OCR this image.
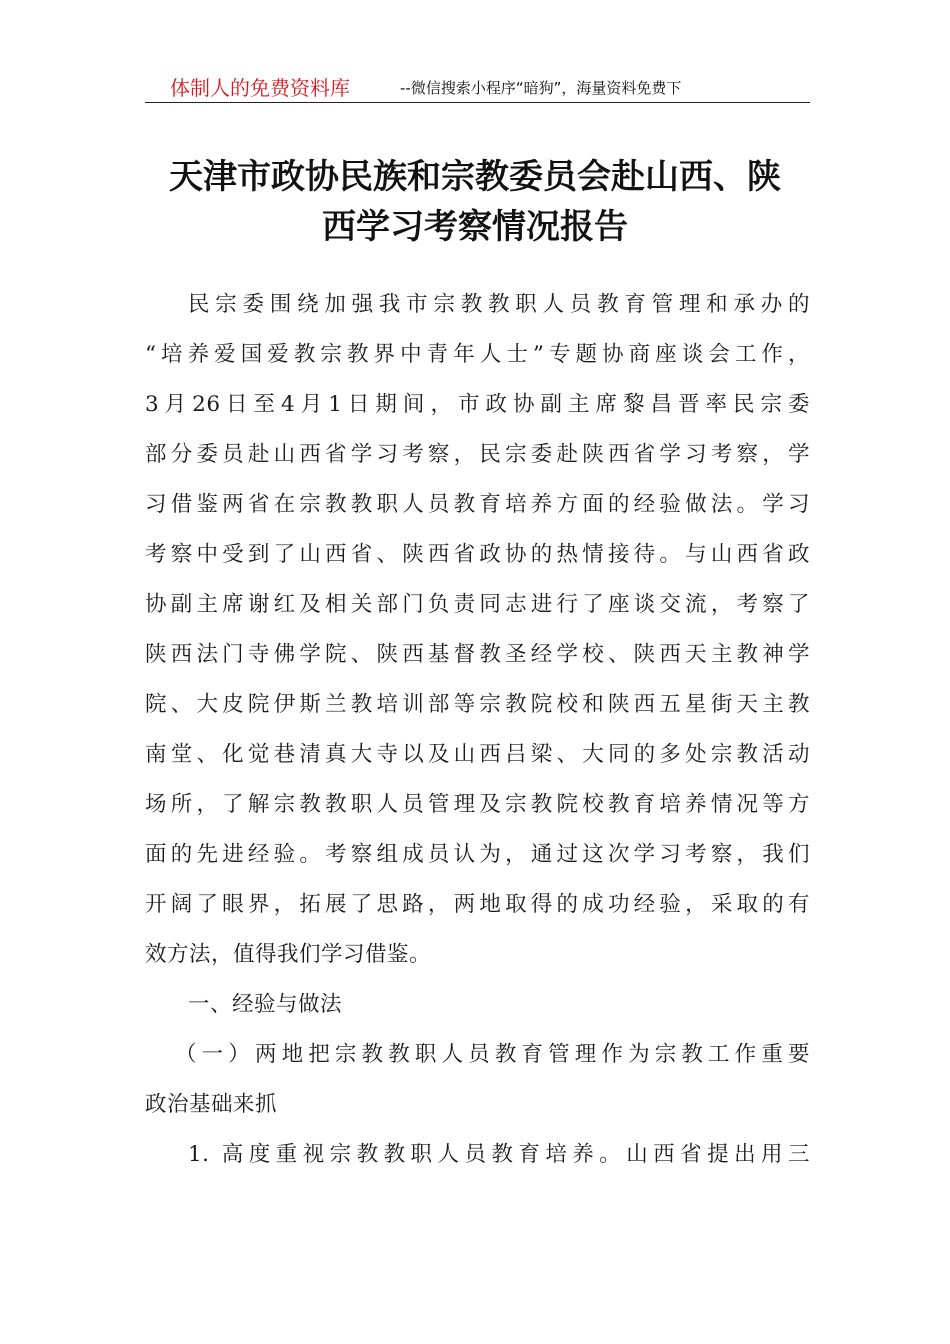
体制人的免费资料库	--微信搜索小程序“暗狗”，海量资料免费下
天津市政协民族和宗教委员会赴山西、陕
西学习考察情况报告
民宗委围绕加强我市宗教教职人员教育管理和承办的
“培养爱国爱教宗教界中青年人士”专题协商座谈会工作，
3月26日至4月1日期间，市政协副主席黎昌晋率民宗委
部分委员赴山西省学习考察，民宗委赴陕西省学习考察，学
习借鉴两省在宗教教职人员教育培养方面的经验做法。学习
考察中受到了山西省、陕西省政协的热情接待。与山西省政
协副主席谢红及相关部门负责同志进行了座谈交流，考察了
陕西法门寺佛学院、陕西基督教圣经学校、陕西天主教神学
院、大皮院伊斯兰教培训部等宗教院校和陕西五星街天主教
南堂、化觉巷清真大寺以及山西吕梁、大同的多处宗教活动
场所，了解宗教教职人员管理及宗教院校教育培养情况等方
面的先进经验。考察组成员认为，通过这次学习考察，我们
开阔了眼界，拓展了思路，两地取得的成功经验，采取的有
效方法，值得我们学习借鉴。
一、经验与做法
（一）两地把宗教教职人员教育管理作为宗教工作重要
政治基础来抓
1. 高度重视宗教教职人员教育培养。山西省提出用三
